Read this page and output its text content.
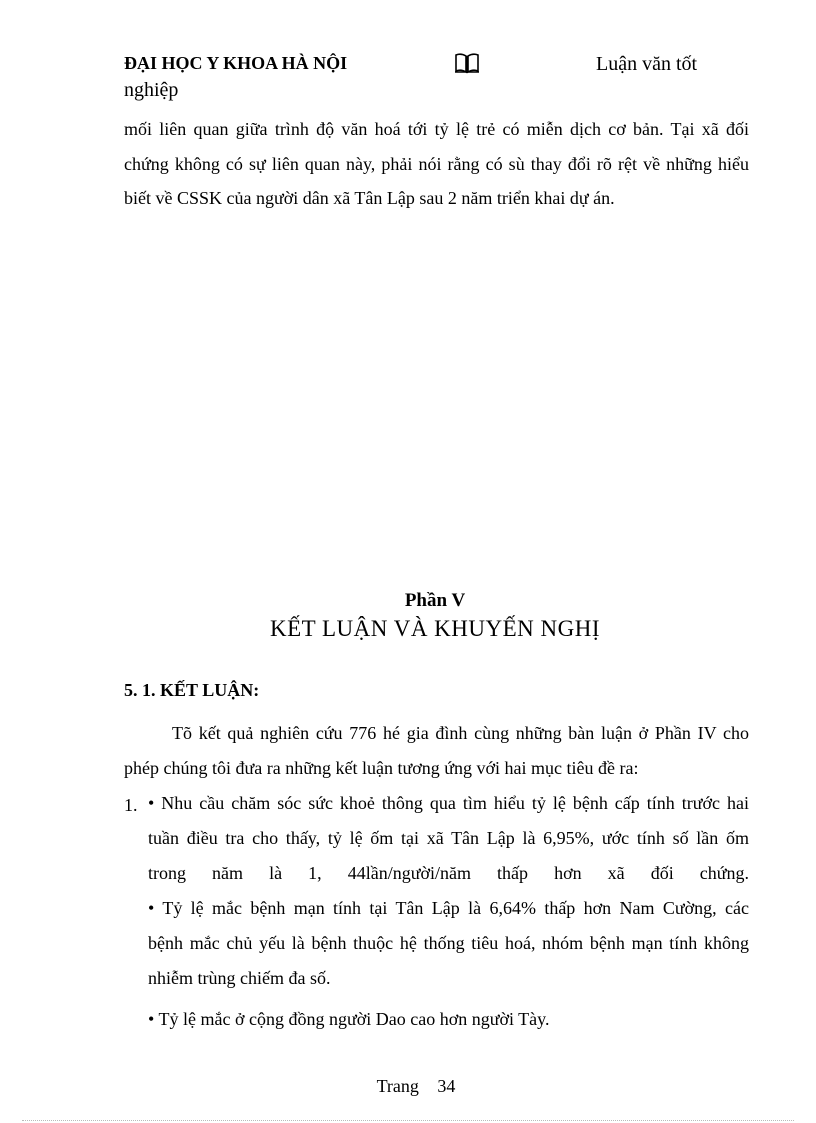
ĐẠI HỌC Y KHOA HÀ NỘI	Luận văn tốt
nghiệp
mối liên quan giữa trình độ văn hoá tới tỷ lệ trẻ có miễn dịch cơ bản. Tại xã đối
chứng không có sự liên quan này, phải nói rằng có sù thay đổi rõ rệt về những hiểu
biết về CSSK của người dân xã Tân Lập sau 2 năm triển khai dự án.
Phần V
KẾT LUẬN VÀ KHUYẾN NGHỊ
5. 1. KẾT LUẬN:
Tõ kết quả nghiên cứu 776 hé gia đình cùng những bàn luận ở Phần IV cho
phép chúng tôi đưa ra những kết luận tương ứng với hai mục tiêu đề ra:
1. • Nhu cầu chăm sóc sức khoẻ thông qua tìm hiểu tỷ lệ bệnh cấp tính trước hai
tuần điều tra cho thấy, tỷ lệ ốm tại xã Tân Lập là 6,95%, ước tính số lần ốm
trong năm là 1, 44lần/người/năm thấp hơn xã đối chứng.
• Tỷ lệ mắc bệnh mạn tính tại Tân Lập là 6,64% thấp hơn Nam Cường, các
bệnh mắc chủ yếu là bệnh thuộc hệ thống tiêu hoá, nhóm bệnh mạn tính không
nhiễm trùng chiếm đa số.
• Tỷ lệ mắc ở cộng đồng người Dao cao hơn người Tày.
Trang 34
